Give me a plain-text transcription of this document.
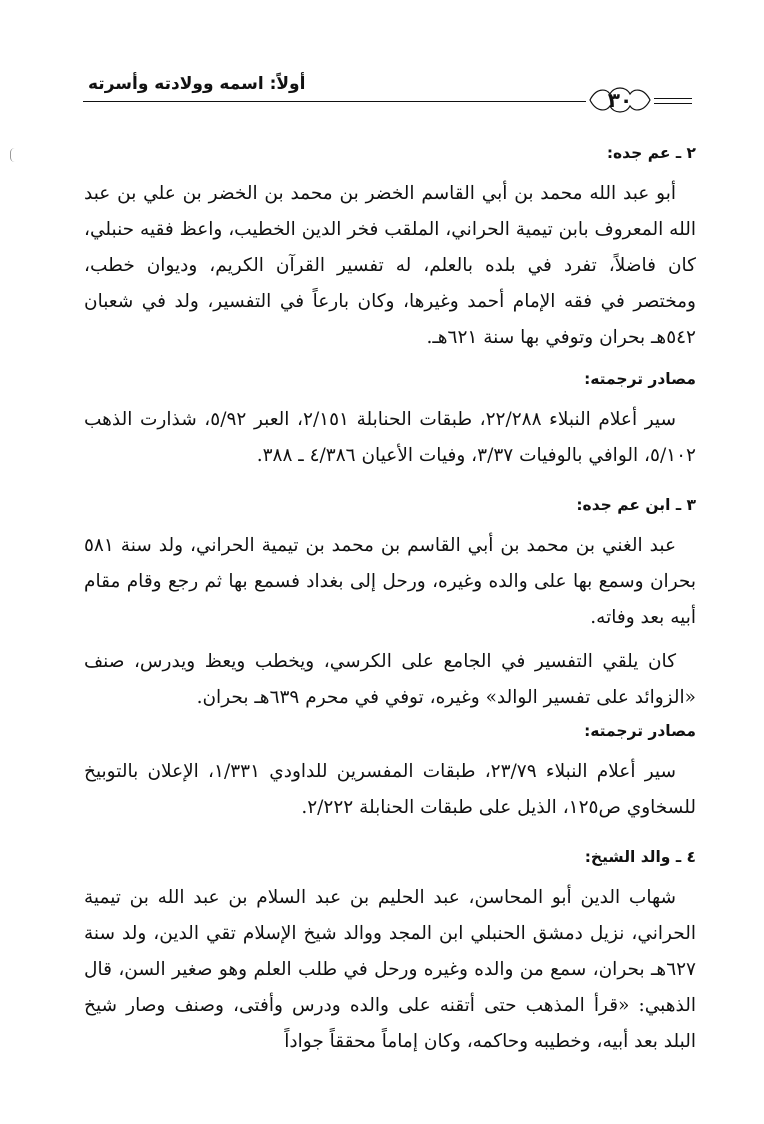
أولاً: اسمه وولادته وأسرته
٣٠

٢ ـ عم جده:

أبو عبد الله محمد بن أبي القاسم الخضر بن محمد بن الخضر بن علي بن عبد الله المعروف بابن تيمية الحراني، الملقب فخر الدين الخطيب، واعظ فقيه حنبلي، كان فاضلاً، تفرد في بلده بالعلم، له تفسير القرآن الكريم، وديوان خطب، ومختصر في فقه الإمام أحمد وغيرها، وكان بارعاً في التفسير، ولد في شعبان ٥٤٢هـ بحران وتوفي بها سنة ٦٢١هـ.

مصادر ترجمته:

سير أعلام النبلاء ٢٢/٢٨٨، طبقات الحنابلة ٢/١٥١، العبر ٥/٩٢، شذارت الذهب ٥/١٠٢، الوافي بالوفيات ٣/٣٧، وفيات الأعيان ٤/٣٨٦ ـ ٣٨٨.

٣ ـ ابن عم جده:

عبد الغني بن محمد بن أبي القاسم بن محمد بن تيمية الحراني، ولد سنة ٥٨١ بحران وسمع بها على والده وغيره، ورحل إلى بغداد فسمع بها ثم رجع وقام مقام أبيه بعد وفاته.

كان يلقي التفسير في الجامع على الكرسي، ويخطب ويعظ ويدرس، صنف «الزوائد على تفسير الوالد» وغيره، توفي في محرم ٦٣٩هـ بحران.

مصادر ترجمته:

سير أعلام النبلاء ٢٣/٧٩، طبقات المفسرين للداودي ١/٣٣١، الإعلان بالتوبيخ للسخاوي ص١٢٥، الذيل على طبقات الحنابلة ٢/٢٢٢.

٤ ـ والد الشيخ:

شهاب الدين أبو المحاسن، عبد الحليم بن عبد السلام بن عبد الله بن تيمية الحراني، نزيل دمشق الحنبلي ابن المجد ووالد شيخ الإسلام تقي الدين، ولد سنة ٦٢٧هـ بحران، سمع من والده وغيره ورحل في طلب العلم وهو صغير السن، قال الذهبي: «قرأ المذهب حتى أتقنه على والده ودرس وأفتى، وصنف وصار شيخ البلد بعد أبيه، وخطيبه وحاكمه، وكان إماماً محققاً جواداً
